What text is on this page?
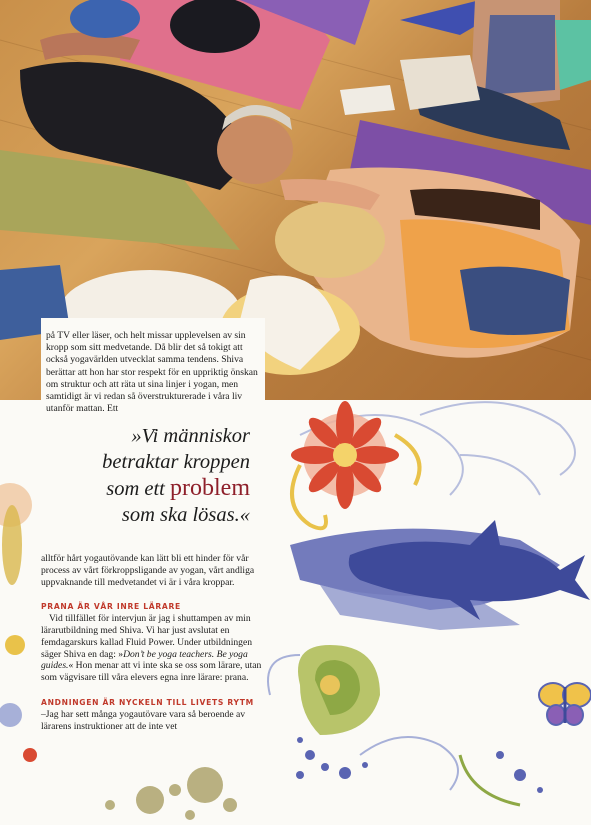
på TV eller läser, och helt missar upplevelsen av sin kropp som sitt medvetande. Då blir det så tokigt att också yogavärlden utvecklat samma tendens. Shiva berättar att hon har stor respekt för en uppriktig önskan om struktur och att räta ut sina linjer i yogan, men samtidigt är vi redan så överstrukturerade i våra liv utanför mattan. Ett

»Vi människor
betraktar kroppen
som ett problem
som ska lösas.«

alltför hårt yogautövande kan lätt bli ett hinder för vår process av vårt förkroppsligande av yogan, vårt andliga uppvaknande till medvetandet vi är i våra kroppar.

PRANA ÄR VÅR INRE LÄRARE

Vid tillfället för intervjun är jag i shuttampen av min lärarutbildning med Shiva. Vi har just avslutat en femdagarskurs kallad Fluid Power. Under utbildningen säger Shiva en dag: »Don’t be yoga teachers. Be yoga guides.« Hon menar att vi inte ska se oss som lärare, utan som vägvisare till våra elevers egna inre lärare: prana.

ANDNINGEN ÄR NYCKELN TILL LIVETS RYTM

–Jag har sett många yogautövare vara så beroende av lärarens instruktioner att de inte vet
